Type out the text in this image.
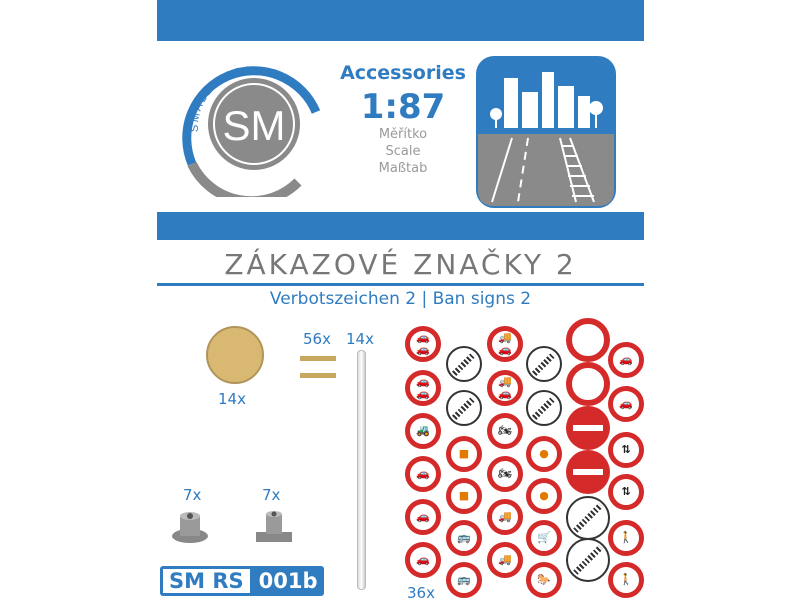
SM
SMALL MODELS	Accessories
1:87
Měřítko
Scale
Maßtab
ZÁKAZOVÉ ZNAČKY 2
Verbotszeichen 2 | Ban signs 2
14x
56x 14x
7x	7x
SM RS 001b
🚗🚗
🚗🚗
🚜
🚗
🚗
🚗
■
■
🚌
🚌
36x
🚚🚗
🚚🚗
🏍
🏍
🚚
🚚
●
●
🛒
🐎
🚗
🚗
⇅
⇅
🚶
🚶
